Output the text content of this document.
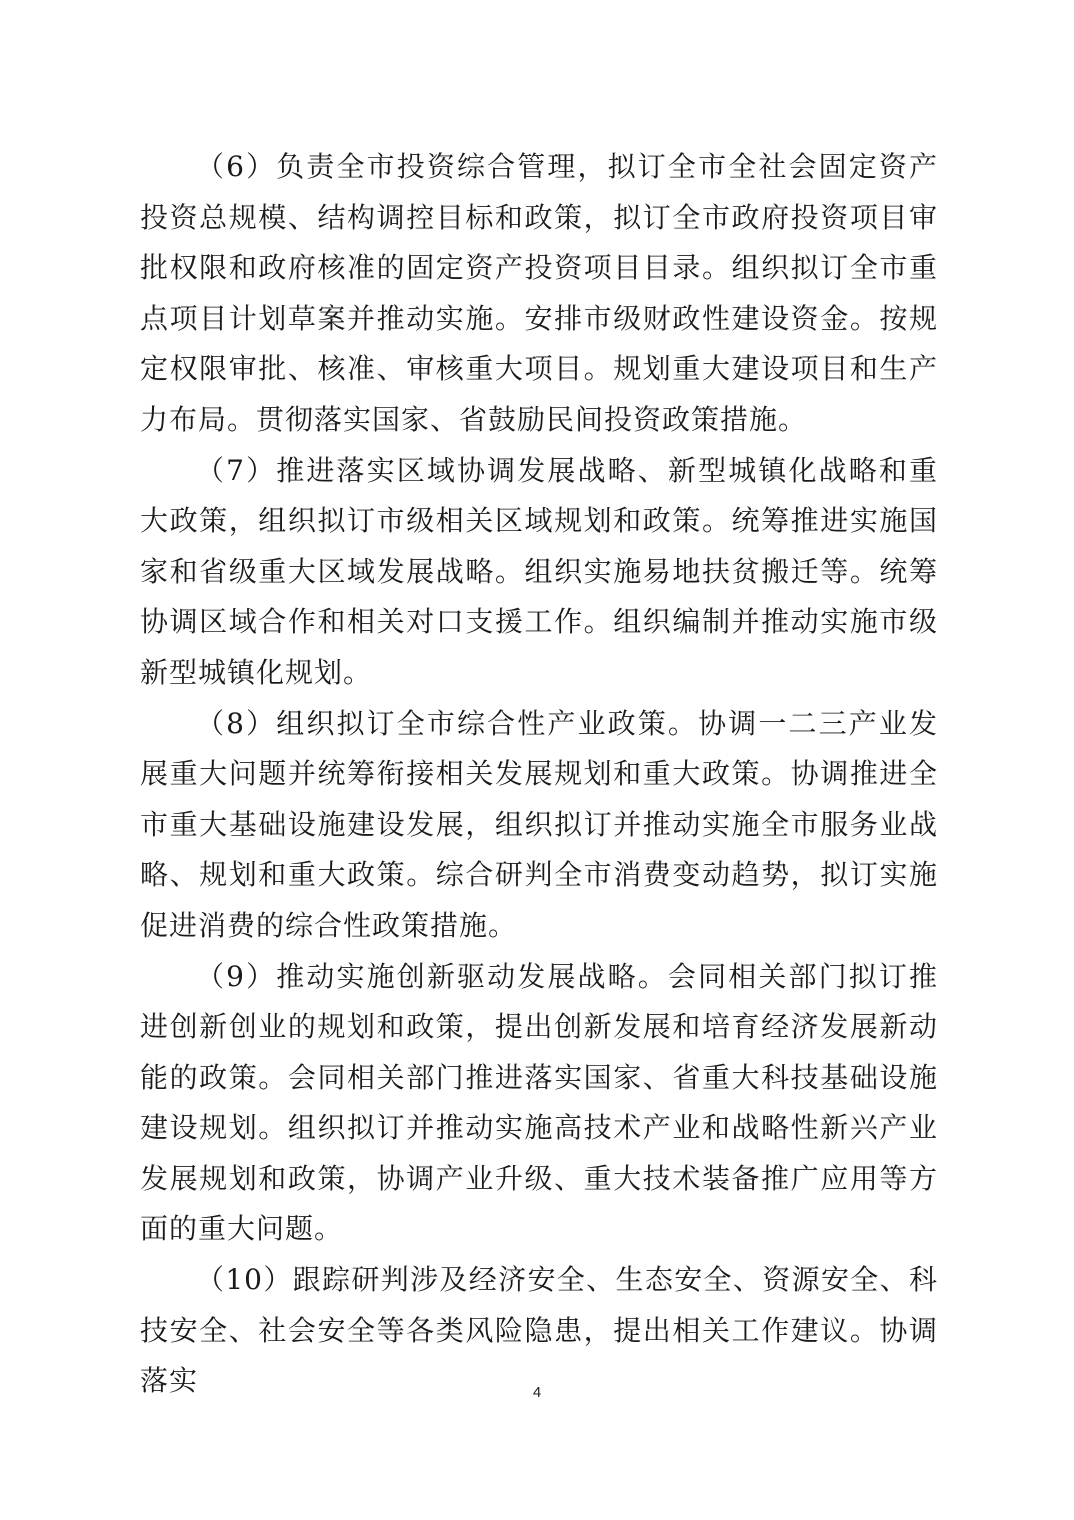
（6）负责全市投资综合管理，拟订全市全社会固定资产投资总规模、结构调控目标和政策，拟订全市政府投资项目审批权限和政府核准的固定资产投资项目目录。组织拟订全市重点项目计划草案并推动实施。安排市级财政性建设资金。按规定权限审批、核准、审核重大项目。规划重大建设项目和生产力布局。贯彻落实国家、省鼓励民间投资政策措施。

（7）推进落实区域协调发展战略、新型城镇化战略和重大政策，组织拟订市级相关区域规划和政策。统筹推进实施国家和省级重大区域发展战略。组织实施易地扶贫搬迁等。统筹协调区域合作和相关对口支援工作。组织编制并推动实施市级新型城镇化规划。

（8）组织拟订全市综合性产业政策。协调一二三产业发展重大问题并统筹衔接相关发展规划和重大政策。协调推进全市重大基础设施建设发展，组织拟订并推动实施全市服务业战略、规划和重大政策。综合研判全市消费变动趋势，拟订实施促进消费的综合性政策措施。

（9）推动实施创新驱动发展战略。会同相关部门拟订推进创新创业的规划和政策，提出创新发展和培育经济发展新动能的政策。会同相关部门推进落实国家、省重大科技基础设施建设规划。组织拟订并推动实施高技术产业和战略性新兴产业发展规划和政策，协调产业升级、重大技术装备推广应用等方面的重大问题。

（10）跟踪研判涉及经济安全、生态安全、资源安全、科技安全、社会安全等各类风险隐患，提出相关工作建议。协调落实	4
